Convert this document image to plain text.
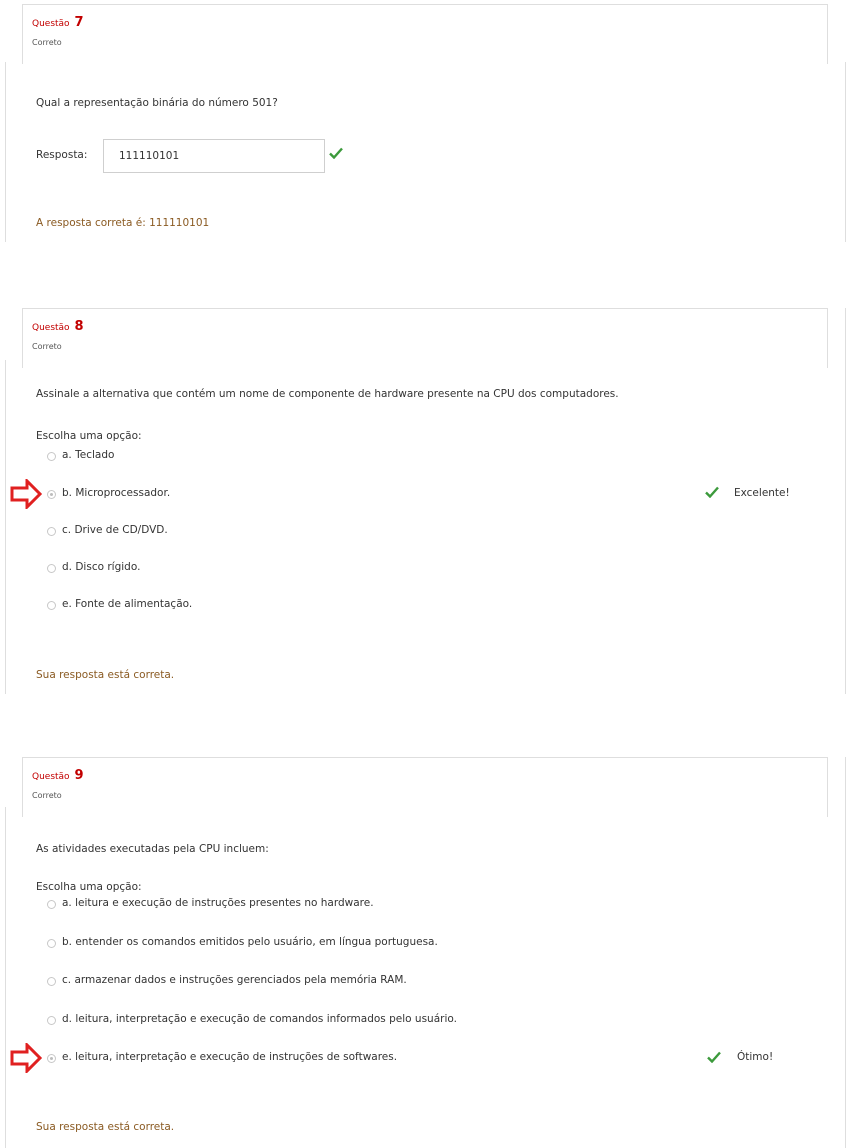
Questão 7
Correto
Qual a representação binária do número 501?
Resposta:
111110101
A resposta correta é: 111110101
Questão 8
Correto
Assinale a alternativa que contém um nome de componente de hardware presente na CPU dos computadores.
Escolha uma opção:
a. Teclado
b. Microprocessador.	Excelente!
c. Drive de CD/DVD.
d. Disco rígido.
e. Fonte de alimentação.
Sua resposta está correta.
Questão 9
Correto
As atividades executadas pela CPU incluem:
Escolha uma opção:
a. leitura e execução de instruções presentes no hardware.
b. entender os comandos emitidos pelo usuário, em língua portuguesa.
c. armazenar dados e instruções gerenciados pela memória RAM.
d. leitura, interpretação e execução de comandos informados pelo usuário.
e. leitura, interpretação e execução de instruções de softwares.	Ótimo!
Sua resposta está correta.
